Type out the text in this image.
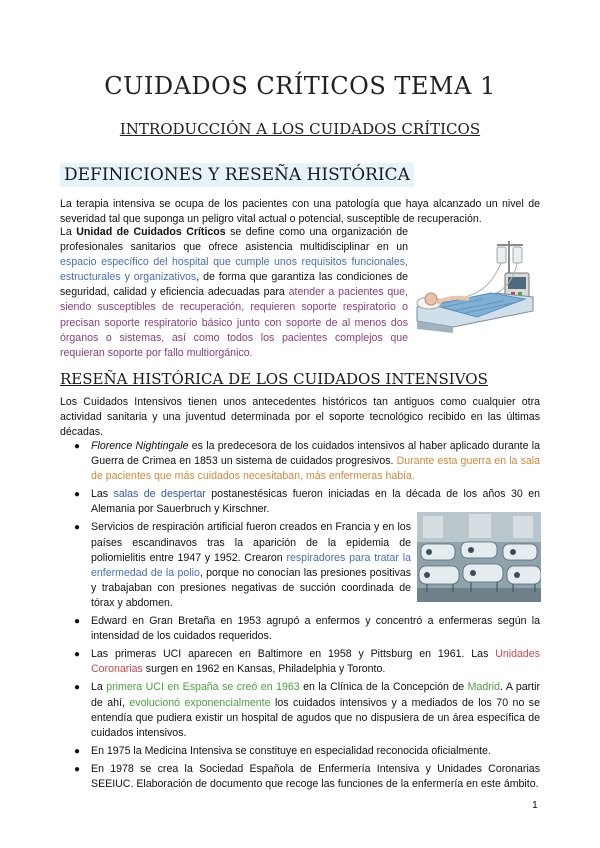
CUIDADOS CRÍTICOS TEMA 1
INTRODUCCIÓN A LOS CUIDADOS CRÍTICOS
DEFINICIONES Y RESEÑA HISTÓRICA
La terapia intensiva se ocupa de los pacientes con una patología que haya alcanzado un nivel de severidad tal que suponga un peligro vital actual o potencial, susceptible de recuperación.
La Unidad de Cuidados Críticos se define como una organización de profesionales sanitarios que ofrece asistencia multidisciplinar en un espacio específico del hospital que cumple unos requisitos funcionales, estructurales y organizativos, de forma que garantiza las condiciones de seguridad, calidad y eficiencia adecuadas para atender a pacientes que, siendo susceptibles de recuperación, requieren soporte respiratorio o precisan soporte respiratorio básico junto con soporte de al menos dos órganos o sistemas, así como todos los pacientes complejos que requieran soporte por fallo multiorgánico.
RESEÑA HISTÓRICA DE LOS CUIDADOS INTENSIVOS
Los Cuidados Intensivos tienen unos antecedentes históricos tan antiguos como cualquier otra actividad sanitaria y una juventud determinada por el soporte tecnológico recibido en las últimas décadas.
● Florence Nightingale es la predecesora de los cuidados intensivos al haber aplicado durante la Guerra de Crimea en 1853 un sistema de cuidados progresivos. Durante esta guerra en la sala de pacientes que más cuidados necesitaban, más enfermeras había.
● Las salas de despertar postanestésicas fueron iniciadas en la década de los años 30 en Alemania por Sauerbruch y Kirschner.
● Servicios de respiración artificial fueron creados en Francia y en los países escandinavos tras la aparición de la epidemia de poliomielitis entre 1947 y 1952. Crearon respiradores para tratar la enfermedad de la polio, porque no conocían las presiones positivas y trabajaban con presiones negativas de succión coordinada de tórax y abdomen.
● Edward en Gran Bretaña en 1953 agrupó a enfermos y concentró a enfermeras según la intensidad de los cuidados requeridos.
● Las primeras UCI aparecen en Baltimore en 1958 y Pittsburg en 1961. Las Unidades Coronarias surgen en 1962 en Kansas, Philadelphia y Toronto.
● La primera UCI en España se creó en 1963 en la Clínica de la Concepción de Madrid. A partir de ahí, evolucionó exponencialmente los cuidados intensivos y a mediados de los 70 no se entendía que pudiera existir un hospital de agudos que no dispusiera de un área específica de cuidados intensivos.
● En 1975 la Medicina Intensiva se constituye en especialidad reconocida oficialmente.
● En 1978 se crea la Sociedad Española de Enfermería Intensiva y Unidades Coronarias SEEIUC. Elaboración de documento que recoge las funciones de la enfermería en este ámbito.
1
